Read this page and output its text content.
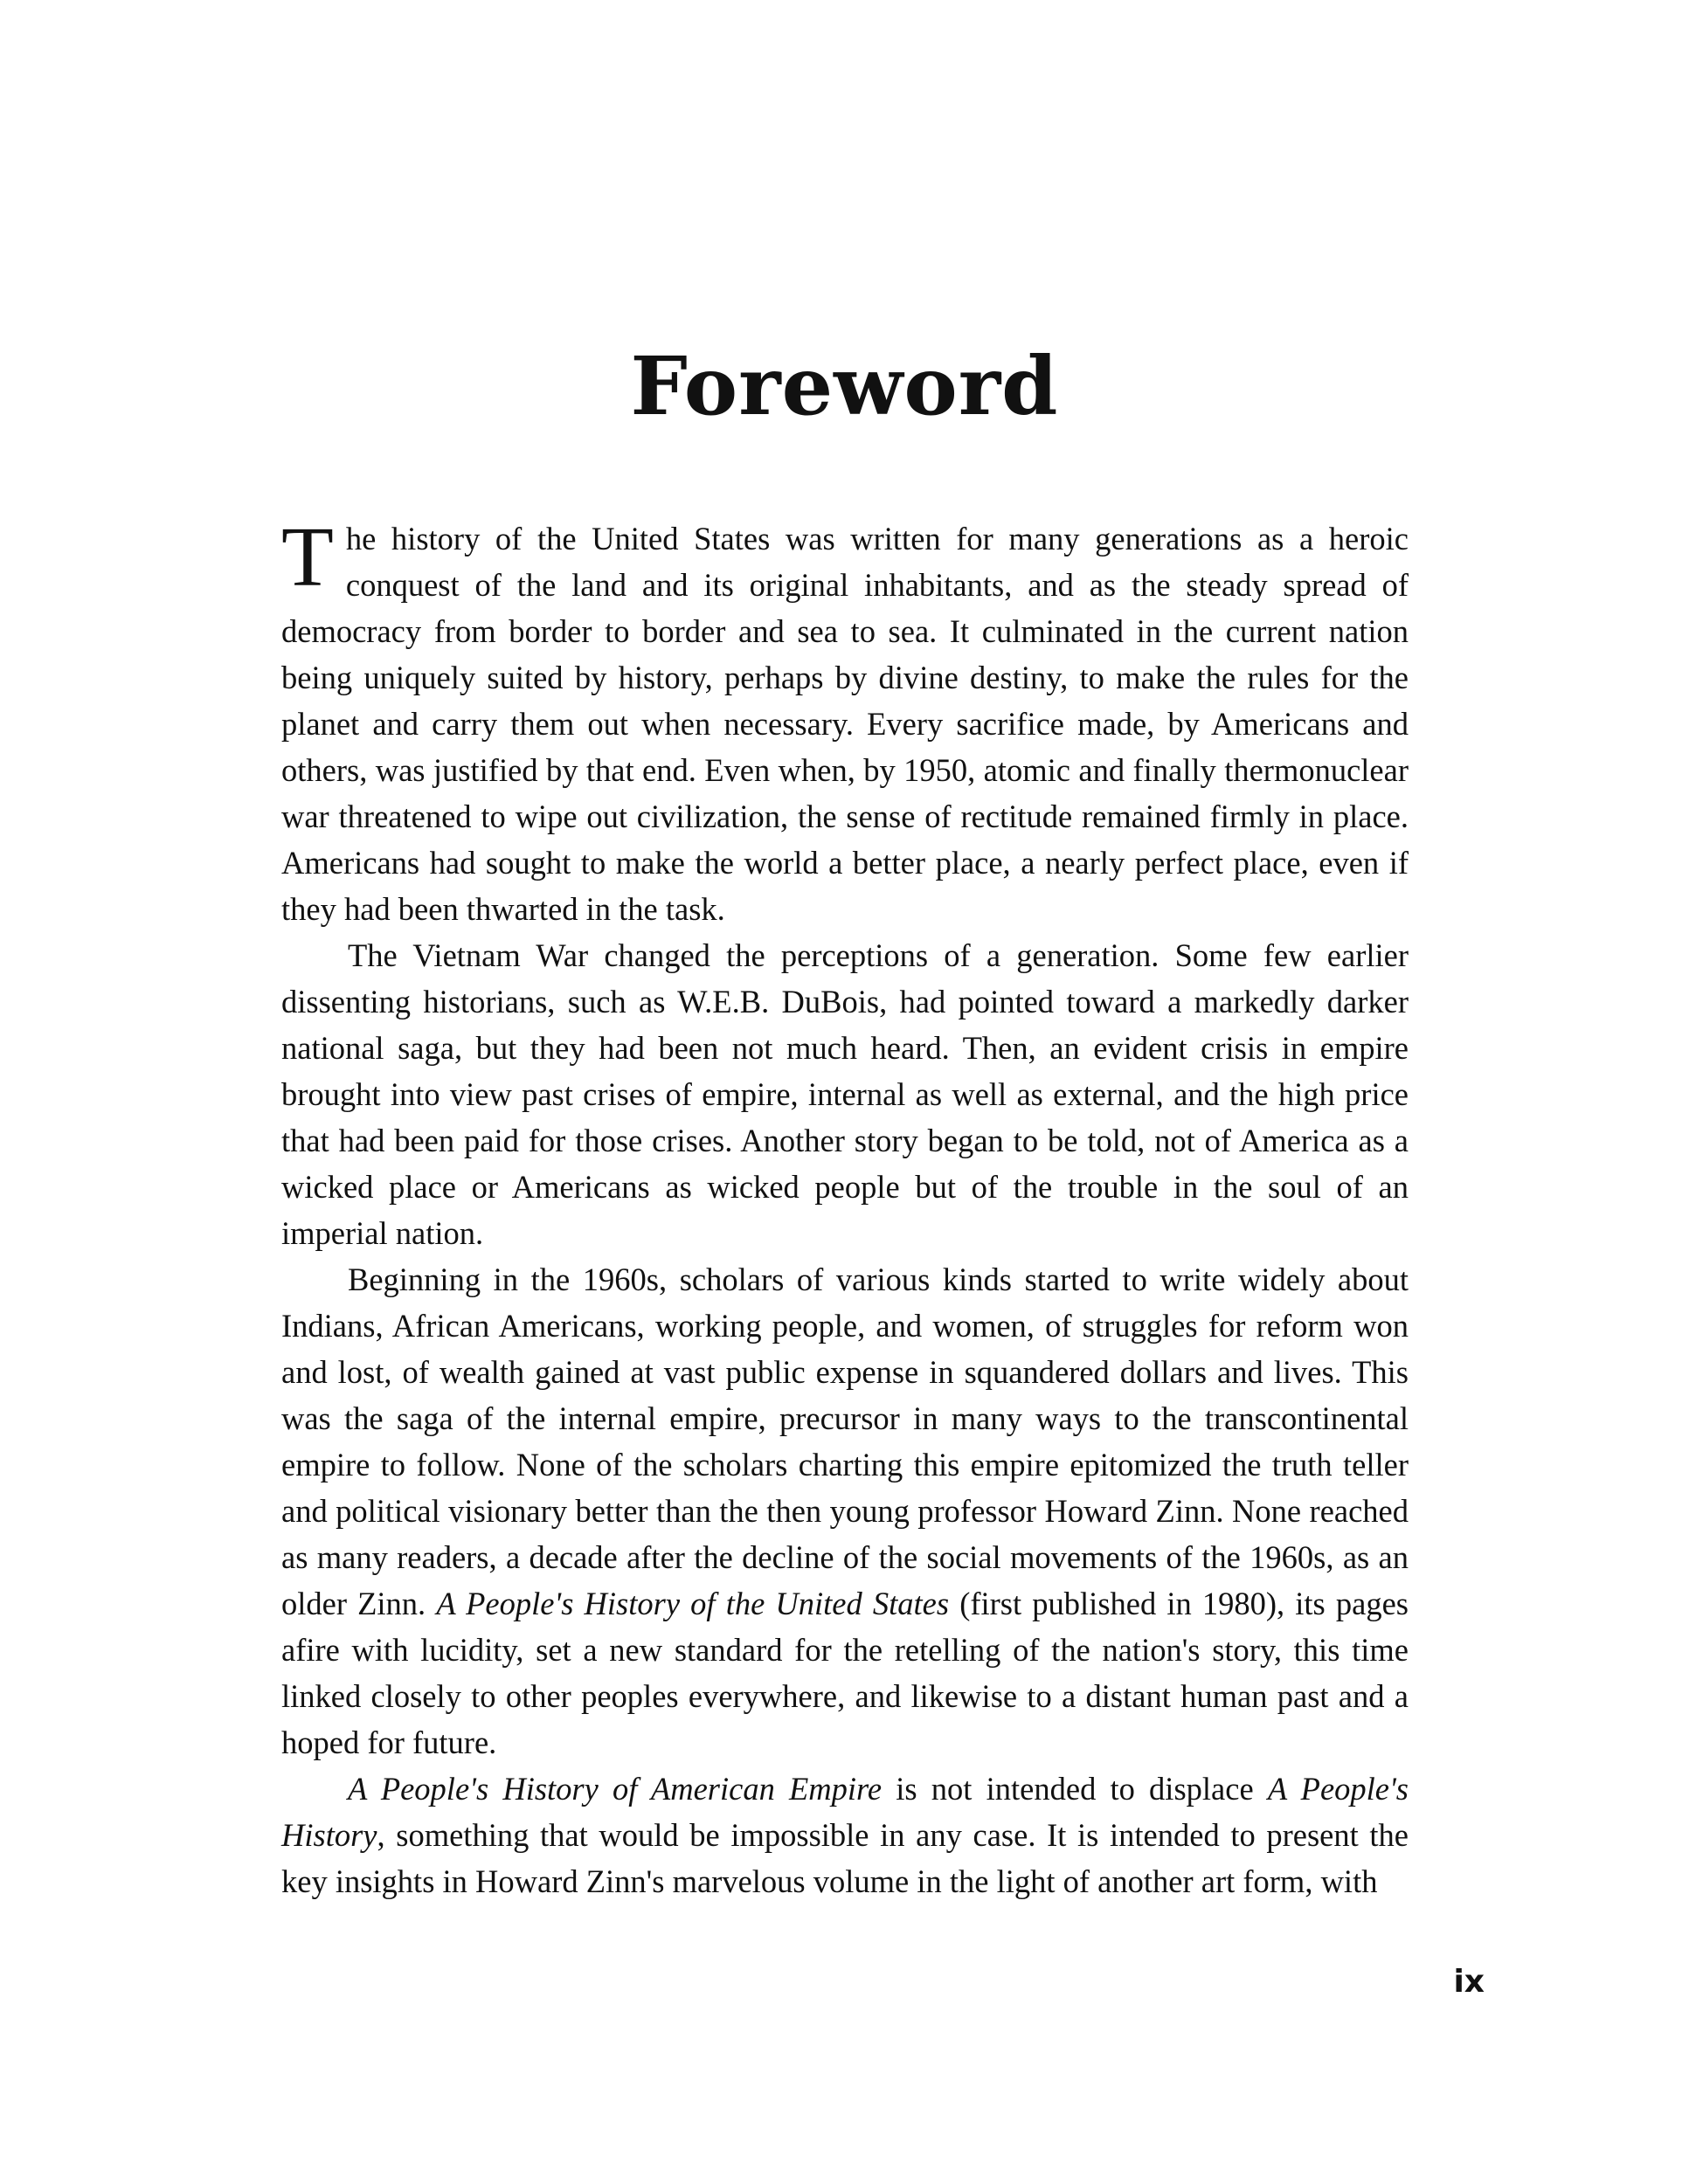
Foreword

The history of the United States was written for many generations as a heroic conquest of the land and its original inhabitants, and as the steady spread of democracy from border to border and sea to sea. It culminated in the current nation being uniquely suited by history, perhaps by divine destiny, to make the rules for the planet and carry them out when necessary. Every sacrifice made, by Americans and others, was justified by that end. Even when, by 1950, atomic and finally thermonuclear war threatened to wipe out civilization, the sense of rectitude remained firmly in place. Americans had sought to make the world a better place, a nearly perfect place, even if they had been thwarted in the task.

The Vietnam War changed the perceptions of a generation. Some few earlier dissenting historians, such as W.E.B. DuBois, had pointed toward a markedly darker national saga, but they had been not much heard. Then, an evident crisis in empire brought into view past crises of empire, internal as well as external, and the high price that had been paid for those crises. Another story began to be told, not of America as a wicked place or Americans as wicked people but of the trouble in the soul of an imperial nation.

Beginning in the 1960s, scholars of various kinds started to write widely about Indians, African Americans, working people, and women, of struggles for reform won and lost, of wealth gained at vast public expense in squandered dollars and lives. This was the saga of the internal empire, precursor in many ways to the transcontinental empire to follow. None of the scholars charting this empire epitomized the truth teller and political visionary better than the then young professor Howard Zinn. None reached as many readers, a decade after the decline of the social movements of the 1960s, as an older Zinn. A People's History of the United States (first published in 1980), its pages afire with lucidity, set a new standard for the retelling of the nation's story, this time linked closely to other peoples everywhere, and likewise to a distant human past and a hoped for future.

A People's History of American Empire is not intended to displace A People's History, something that would be impossible in any case. It is intended to present the key insights in Howard Zinn's marvelous volume in the light of another art form, with

ix
